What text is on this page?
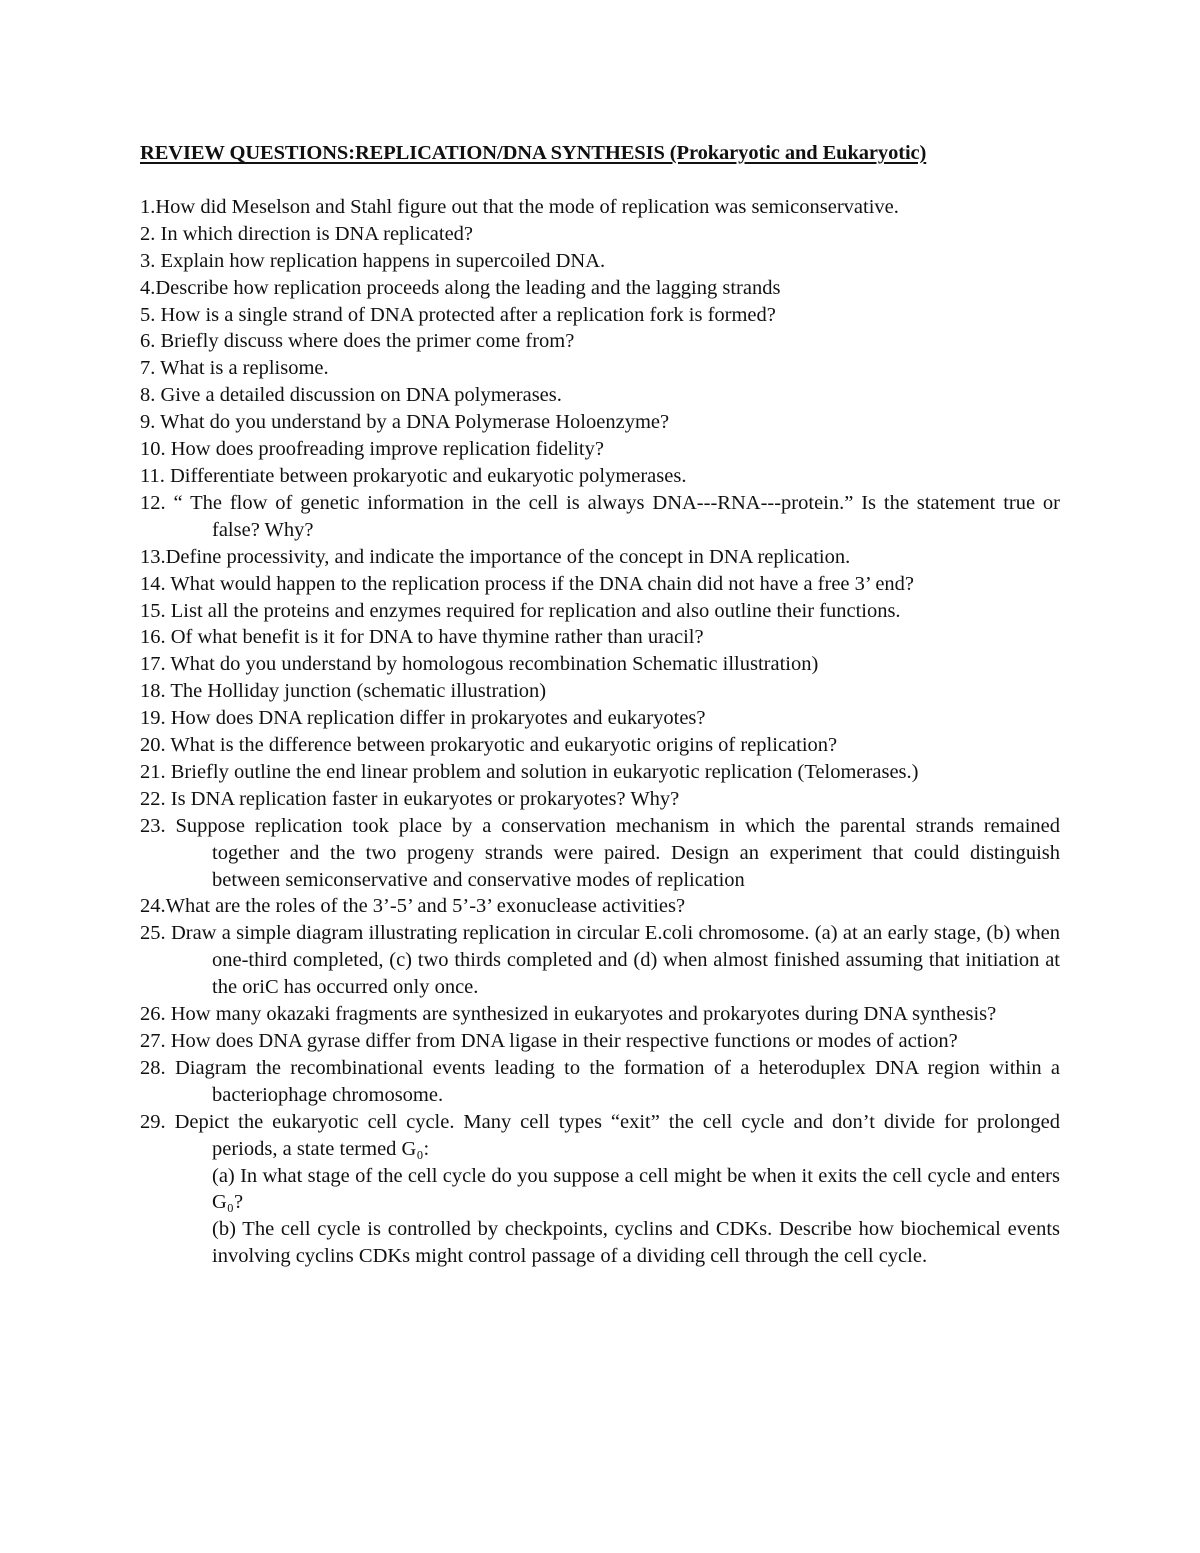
REVIEW QUESTIONS:REPLICATION/DNA SYNTHESIS (Prokaryotic and Eukaryotic)
1.How did Meselson and Stahl figure out that the mode of replication was semiconservative.
2. In which direction is DNA replicated?
3. Explain how replication happens in supercoiled DNA.
4.Describe how replication proceeds along the leading and the lagging strands
5. How is a single strand of DNA protected after a replication fork is formed?
6. Briefly discuss where does the primer come from?
7. What is a replisome.
8. Give a detailed discussion on DNA polymerases.
9. What do you understand by a DNA Polymerase Holoenzyme?
10. How does proofreading improve replication fidelity?
11. Differentiate between prokaryotic and eukaryotic polymerases.
12. “ The flow of genetic information in the cell is always DNA---RNA---protein.” Is the statement true or false? Why?
13.Define processivity, and indicate the importance of the concept in DNA replication.
14. What would happen to the replication process if the DNA chain did not have a free 3’ end?
15. List all the proteins and enzymes required for replication and also outline their functions.
16. Of what benefit is it for DNA to have thymine rather than uracil?
17. What do you understand by homologous recombination Schematic illustration)
18. The Holliday junction (schematic illustration)
19. How does DNA replication differ in prokaryotes and eukaryotes?
20. What is the difference between prokaryotic and eukaryotic origins of replication?
21. Briefly outline the end linear problem and solution in eukaryotic replication (Telomerases.)
22. Is DNA replication faster in eukaryotes or prokaryotes? Why?
23. Suppose replication took place by a conservation mechanism in which the parental strands remained together and the two progeny strands were paired. Design an experiment that could distinguish between semiconservative and conservative modes of replication
24.What are the roles of the 3’-5’ and 5’-3’ exonuclease activities?
25. Draw a simple diagram illustrating replication in circular E.coli chromosome. (a) at an early stage, (b) when one-third completed, (c) two thirds completed and (d) when almost finished assuming that initiation at the oriC has occurred only once.
26. How many okazaki fragments are synthesized in eukaryotes and prokaryotes during DNA synthesis?
27. How does DNA gyrase differ from DNA ligase in their respective functions or modes of action?
28. Diagram the recombinational events leading to the formation of a heteroduplex DNA region within a bacteriophage chromosome.
29. Depict the eukaryotic cell cycle. Many cell types “exit” the cell cycle and don’t divide for prolonged periods, a state termed G₀:
(a) In what stage of the cell cycle do you suppose a cell might be when it exits the cell cycle and enters G₀?
(b) The cell cycle is controlled by checkpoints, cyclins and CDKs. Describe how biochemical events involving cyclins CDKs might control passage of a dividing cell through the cell cycle.
